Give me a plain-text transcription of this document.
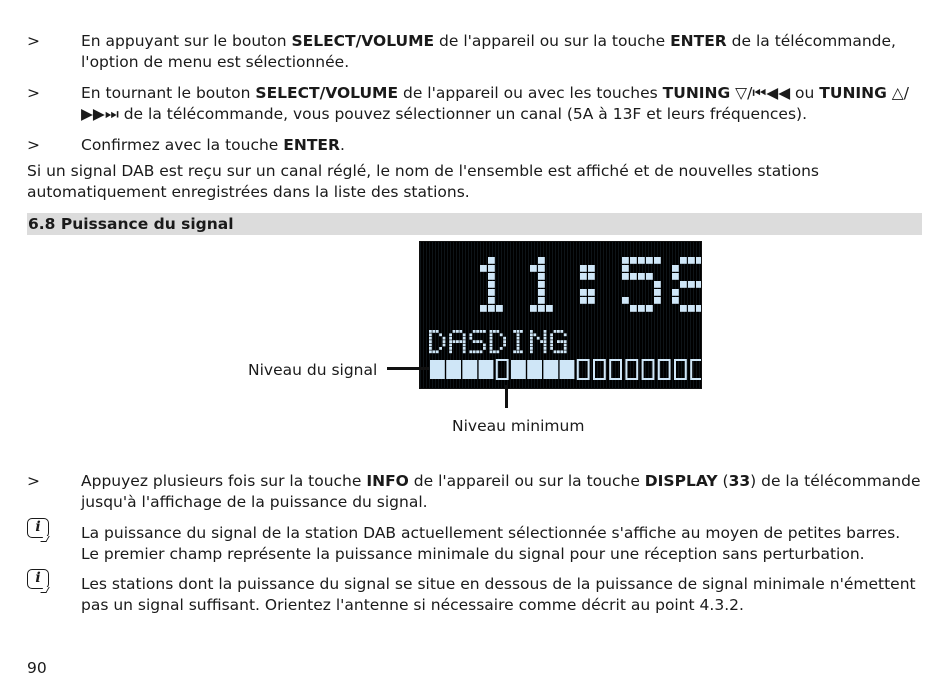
>	En appuyant sur le bouton SELECT/VOLUME de l'appareil ou sur la touche ENTER de la télécommande, l'option de menu est sélectionnée.
>	En tournant le bouton SELECT/VOLUME de l'appareil ou avec les touches TUNING ▽/⏮◀◀ ou TUNING △/▶▶⏭ de la télécommande, vous pouvez sélectionner un canal (5A à 13F et leurs fréquences).
>	Confirmez avec la touche ENTER.
Si un signal DAB est reçu sur un canal réglé, le nom de l'ensemble est affiché et de nouvelles stations automatiquement enregistrées dans la liste des stations.
6.8 Puissance du signal
Niveau du signal
Niveau minimum
>	Appuyez plusieurs fois sur la touche INFO de l'appareil ou sur la touche DISPLAY (33) de la télécommande jusqu'à l'affichage de la puissance du signal.
i	La puissance du signal de la station DAB actuellement sélectionnée s'affiche au moyen de petites barres. Le premier champ représente la puissance minimale du signal pour une réception sans perturbation.
i	Les stations dont la puissance du signal se situe en dessous de la puissance de signal minimale n'émettent pas un signal suffisant. Orientez l'antenne si nécessaire comme décrit au point 4.3.2.
90
